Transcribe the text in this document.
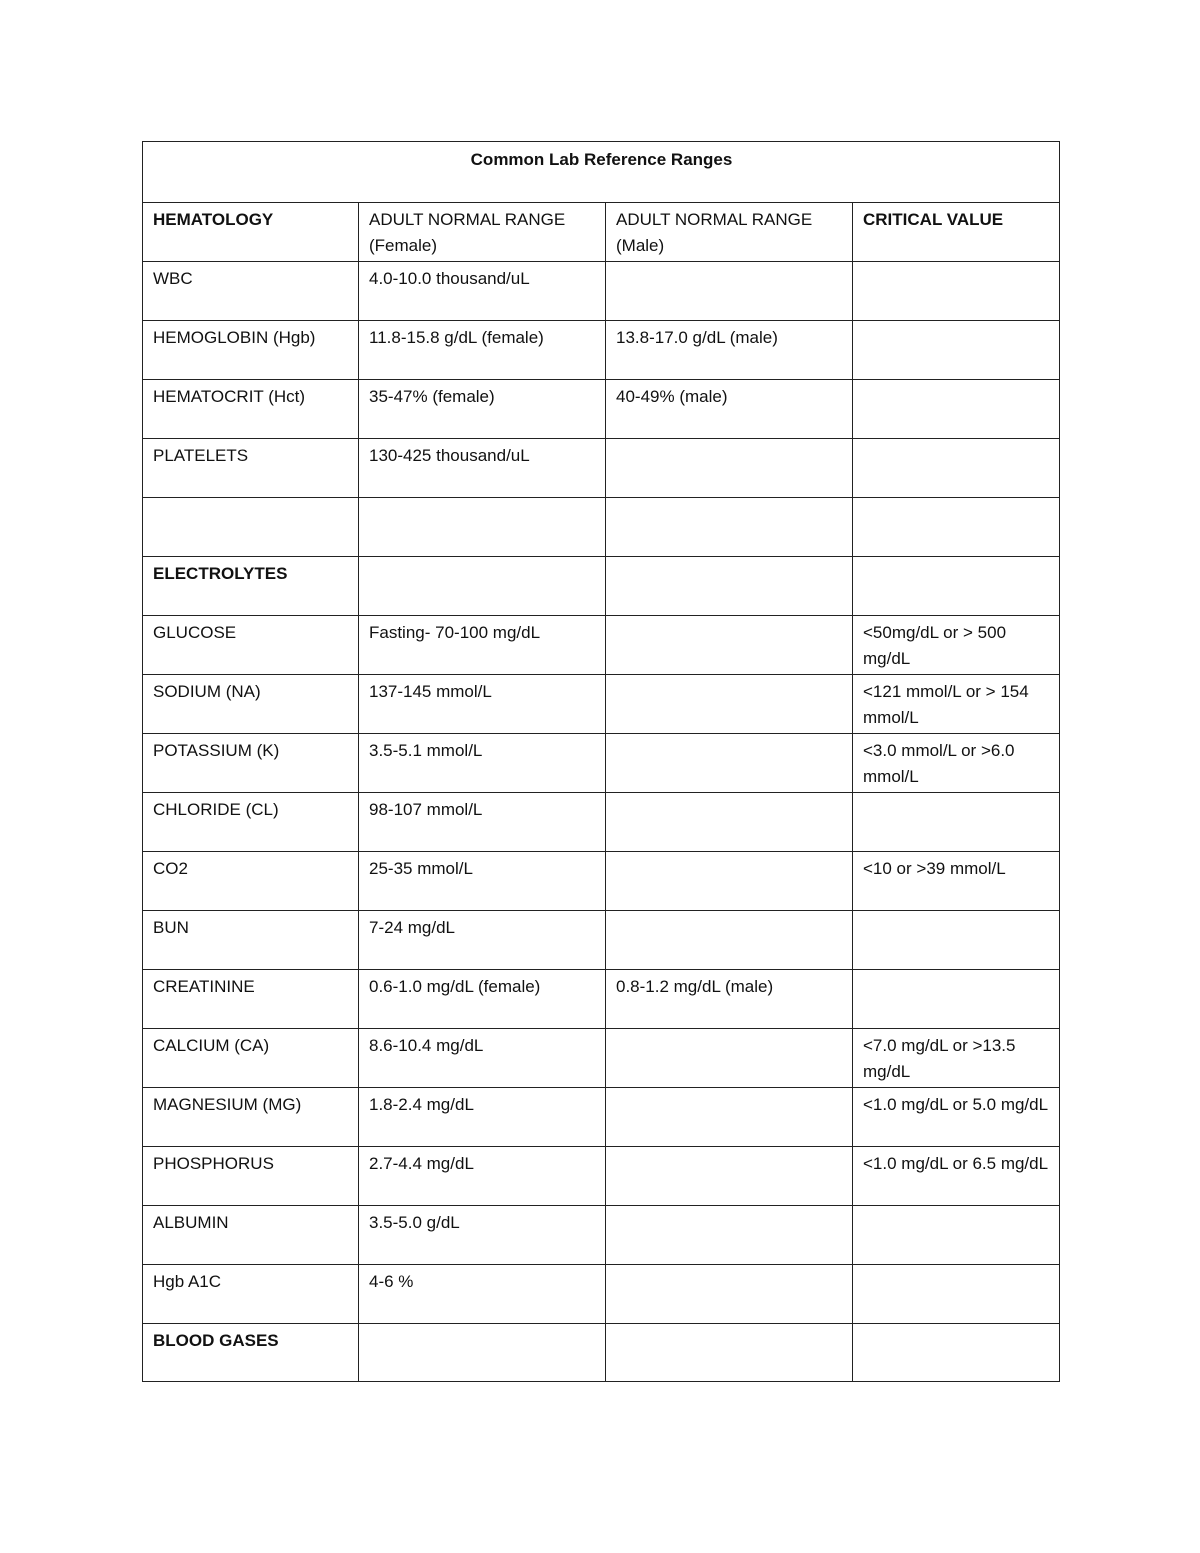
Common Lab Reference Ranges			
HEMATOLOGY	ADULT NORMAL RANGE (Female)	ADULT NORMAL RANGE (Male)	CRITICAL VALUE
WBC	4.0-10.0 thousand/uL		
HEMOGLOBIN (Hgb)	11.8-15.8 g/dL (female)	13.8-17.0 g/dL (male)	
HEMATOCRIT (Hct)	35-47% (female)	40-49% (male)	
PLATELETS	130-425 thousand/uL		

ELECTROLYTES			
GLUCOSE	Fasting- 70-100 mg/dL		<50mg/dL or > 500 mg/dL
SODIUM (NA)	137-145 mmol/L		<121 mmol/L or > 154 mmol/L
POTASSIUM (K)	3.5-5.1 mmol/L		<3.0 mmol/L or >6.0 mmol/L
CHLORIDE (CL)	98-107 mmol/L		
CO2	25-35 mmol/L		<10 or >39 mmol/L
BUN	7-24 mg/dL		
CREATININE	0.6-1.0 mg/dL (female)	0.8-1.2 mg/dL (male)	
CALCIUM (CA)	8.6-10.4 mg/dL		<7.0 mg/dL or >13.5 mg/dL
MAGNESIUM (MG)	1.8-2.4 mg/dL		<1.0 mg/dL or 5.0 mg/dL
PHOSPHORUS	2.7-4.4 mg/dL		<1.0 mg/dL or 6.5 mg/dL
ALBUMIN	3.5-5.0 g/dL		
Hgb A1C	4-6 %		
BLOOD GASES			
